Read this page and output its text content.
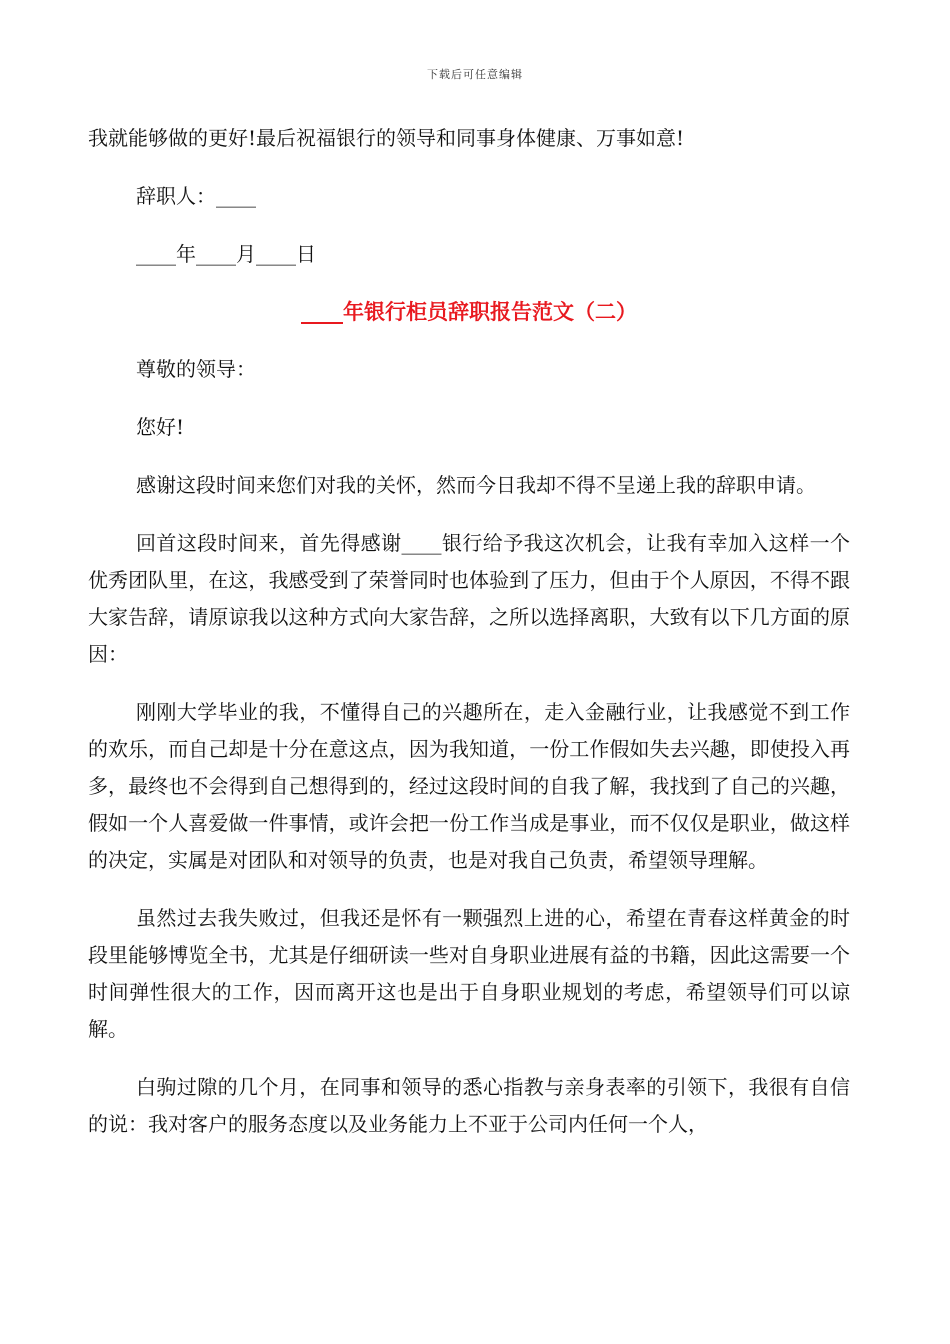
下载后可任意编辑

我就能够做的更好!最后祝福银行的领导和同事身体健康、万事如意!

辞职人：____

____年____月____日

____年银行柜员辞职报告范文（二）

尊敬的领导：

您好!

感谢这段时间来您们对我的关怀，然而今日我却不得不呈递上我的辞职申请。

回首这段时间来，首先得感谢____银行给予我这次机会，让我有幸加入这样一个优秀团队里，在这，我感受到了荣誉同时也体验到了压力，但由于个人原因，不得不跟大家告辞，请原谅我以这种方式向大家告辞，之所以选择离职，大致有以下几方面的原因：

刚刚大学毕业的我，不懂得自己的兴趣所在，走入金融行业，让我感觉不到工作的欢乐，而自己却是十分在意这点，因为我知道，一份工作假如失去兴趣，即使投入再多，最终也不会得到自己想得到的，经过这段时间的自我了解，我找到了自己的兴趣，假如一个人喜爱做一件事情，或许会把一份工作当成是事业，而不仅仅是职业，做这样的决定，实属是对团队和对领导的负责，也是对我自己负责，希望领导理解。

虽然过去我失败过，但我还是怀有一颗强烈上进的心，希望在青春这样黄金的时段里能够博览全书，尤其是仔细研读一些对自身职业进展有益的书籍，因此这需要一个时间弹性很大的工作，因而离开这也是出于自身职业规划的考虑，希望领导们可以谅解。

白驹过隙的几个月，在同事和领导的悉心指教与亲身表率的引领下，我很有自信的说：我对客户的服务态度以及业务能力上不亚于公司内任何一个人，
